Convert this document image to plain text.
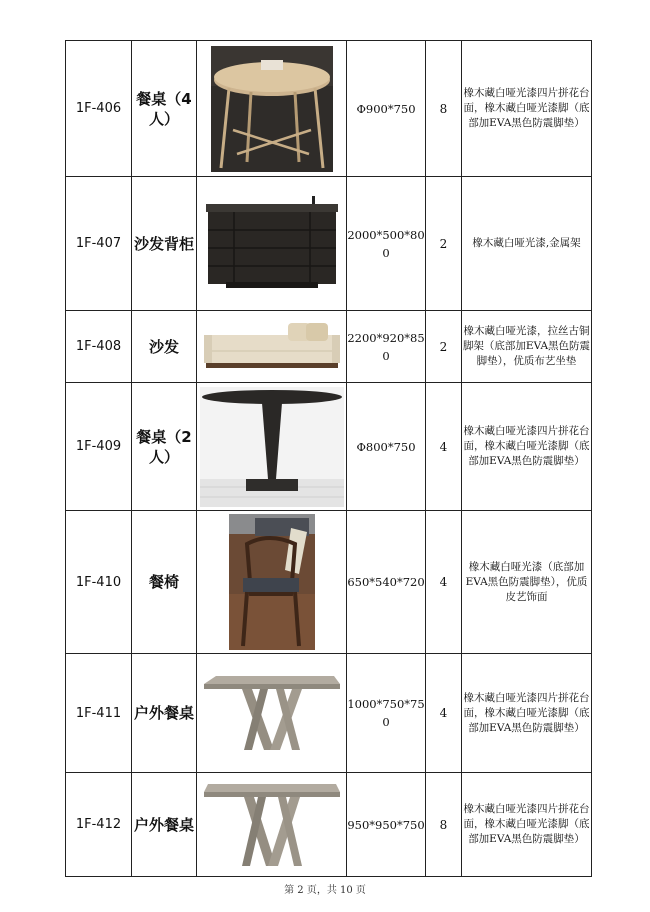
1F-406	餐桌（4人）		Φ900*750	8	橡木藏白哑光漆四片拼花台面，橡木藏白哑光漆脚（底部加EVA黑色防震脚垫）
1F-407	沙发背柜		2000*500*800	2	橡木藏白哑光漆,金属架
1F-408	沙发		2200*920*850	2	橡木藏白哑光漆，拉丝古铜脚架（底部加EVA黑色防震脚垫），优质布艺坐垫
1F-409	餐桌（2人）		Φ800*750	4	橡木藏白哑光漆四片拼花台面，橡木藏白哑光漆脚（底部加EVA黑色防震脚垫）
1F-410	餐椅		650*540*720	4	橡木藏白哑光漆（底部加EVA黑色防震脚垫），优质皮艺饰面
1F-411	户外餐桌		1000*750*750	4	橡木藏白哑光漆四片拼花台面，橡木藏白哑光漆脚（底部加EVA黑色防震脚垫）
1F-412	户外餐桌		950*950*750	8	橡木藏白哑光漆四片拼花台面，橡木藏白哑光漆脚（底部加EVA黑色防震脚垫）
第 2 页，共 10 页
